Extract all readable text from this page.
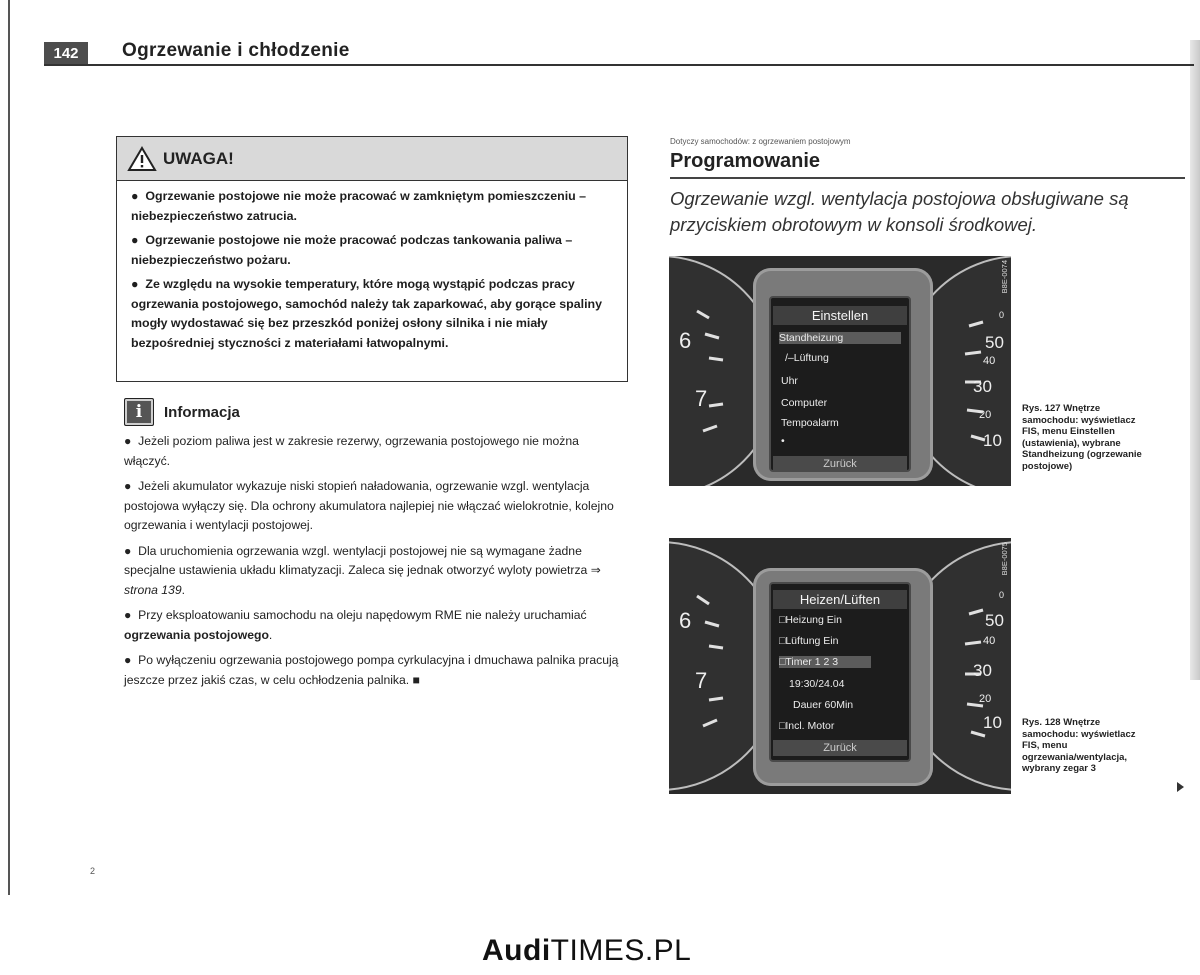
142	Ogrzewanie i chłodzenie
UWAGA!

●  Ogrzewanie postojowe nie może pracować w zamkniętym pomieszczeniu – niebezpieczeństwo zatrucia.

●  Ogrzewanie postojowe nie może pracować podczas tankowania paliwa – niebezpieczeństwo pożaru.

●  Ze względu na wysokie temperatury, które mogą wystąpić podczas pracy ogrzewania postojowego, samochód należy tak zaparkować, aby gorące spaliny mogły wydostawać się bez przeszkód poniżej osłony silnika i nie miały bezpośredniej styczności z materiałami łatwopalnymi.

i	Informacja

●  Jeżeli poziom paliwa jest w zakresie rezerwy, ogrzewania postojowego nie można włączyć.

●  Jeżeli akumulator wykazuje niski stopień naładowania, ogrzewanie wzgl. wentylacja postojowa wyłączy się. Dla ochrony akumulatora najlepiej nie włączać wielokrotnie, kolejno ogrzewania i wentylacji postojowej.

●  Dla uruchomienia ogrzewania wzgl. wentylacji postojowej nie są wymagane żadne specjalne ustawienia układu klimatyzacji. Zaleca się jednak otworzyć wyloty powietrza ⇒ strona 139.

●  Przy eksploatowaniu samochodu na oleju napędowym RME nie należy uruchamiać ogrzewania postojowego.

●  Po wyłączeniu ogrzewania postojowego pompa cyrkulacyjna i dmuchawa palnika pracują jeszcze przez jakiś czas, w celu ochłodzenia palnika. ■

Dotyczy samochodów: z ogrzewaniem postojowym
Programowanie
Ogrzewanie wzgl. wentylacja postojowa obsługiwane są przyciskiem obrotowym w konsoli środkowej.
6
7
50
40
30
20
10
0
Einstellen
Standheizung
/–Lüftung
Uhr
Computer
Tempoalarm
•
Zurück
B8E-0074
Rys. 127 Wnętrze samochodu: wyświetlacz FIS, menu Einstellen (ustawienia), wybrane Standheizung (ogrzewanie postojowe)
6
7
50
40
30
20
10
0
Heizen/Lüften
□Heizung Ein
□Lüftung Ein
□Timer 1 2 3
19:30/24.04
Dauer 60Min
□Incl. Motor
Zurück
B8E-0075
Rys. 128 Wnętrze samochodu: wyświetlacz FIS, menu ogrzewania/wentylacja, wybrany zegar 3
2
AudiTIMES.PL
